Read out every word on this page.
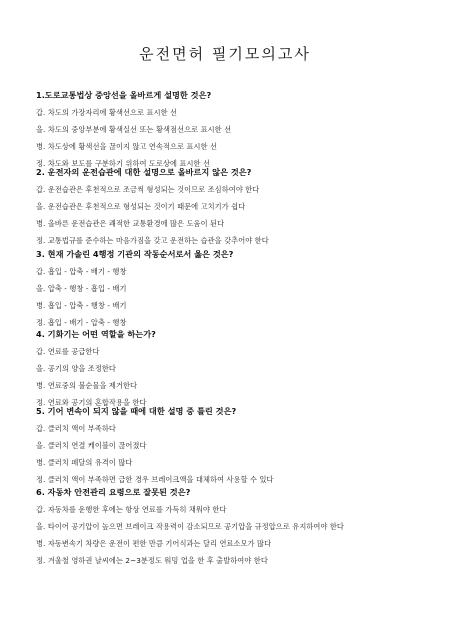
운전면허 필기모의고사
1.도로교통법상 중앙선을 올바르게 설명한 것은?
갑. 차도의 가장자리에 황색선으로 표시한 선
을. 차도의 중앙부분에 황색실선 또는 황색점선으로 표시한 선
병. 차도상에 황색선을 끊이지 않고 연속적으로 표시한 선
정. 차도와 보도를 구분하기 위하여 도로상에 표시한 선
2. 운전자의 운전습관에 대한 설명으로 올바르지 않은 것은?
갑. 운전습관은 후천적으로 조금씩 형성되는 것이므로 조심하여야 한다
을. 운전습관은 후천적으로 형성되는 것이기 때문에 고치기가 쉽다
병. 올바른 운전습관은 쾌적한 교통환경에 많은 도움이 된다
정. 교통법규를 준수하는 마음가짐을 갖고 운전하는 습관을 갖추어야 한다
3. 현재 가솔린 4행정 기관의 작동순서로서 옳은 것은?
갑. 흡입 - 압축 - 배기 - 행창
을. 압축 - 행창 - 흡입 - 배기
병. 흡입 - 압축 - 행창 - 배기
정. 흡입 - 배기 - 압축 - 행창
4. 기화기는 어떤 역할을 하는가?
갑. 연료를 공급한다
을. 공기의 양을 조정한다
병. 연료중의 불순물을 제거한다
정. 연료와 공기의 혼합작용을 한다
5. 기어 변속이 되지 않을 때에 대한 설명 중 틀린 것은?
갑. 클러치 액이 부족하다
을. 클러치 연결 케이블이 끊어졌다
병. 클러치 페달의 유격이 많다
정. 클러치 액이 부족하면 급한 경우 브레이크액을 대체하여 사용할 수 있다
6. 자동차 안전관리 요령으로 잘못된 것은?
갑. 자동차를 운행한 후에는 항상 연료를 가득히 채워야 한다
을. 타이어 공기압이 높으면 브레이크 작용력이 감소되므로 공기압을 규정압으로 유지하여야 한다
병. 자동변속기 차량은 운전이 편한 만큼 기어식과는 달리 연료소모가 많다
정. 겨울철 영하권 날씨에는 2~3분정도 워밍 업을 한 후 출발하여야 한다
